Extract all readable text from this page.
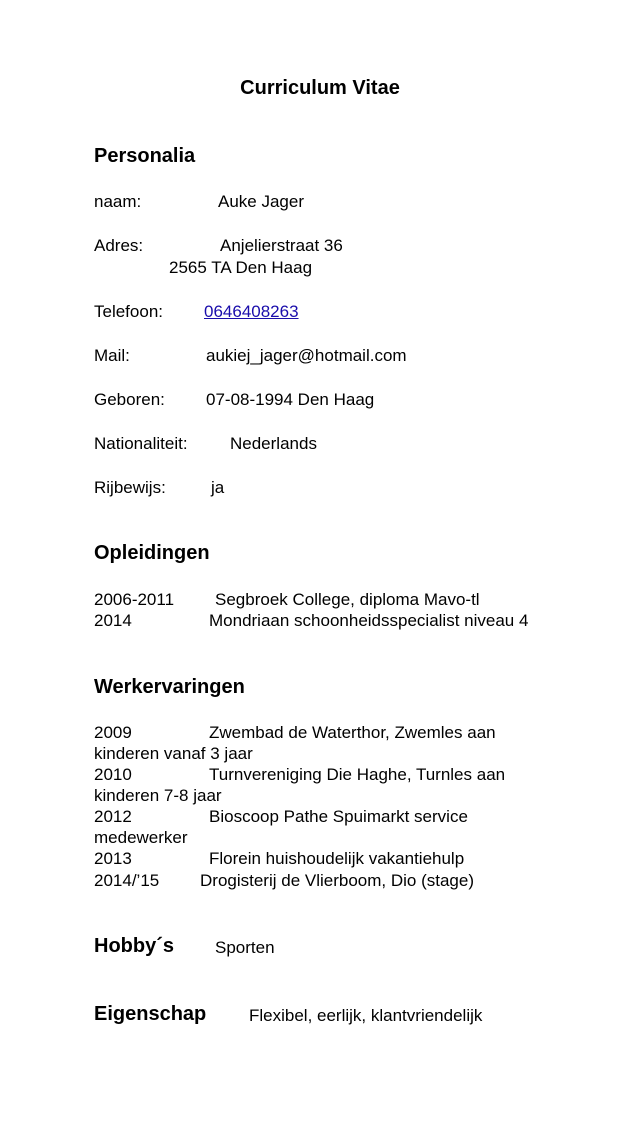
Curriculum Vitae
Personalia
naam:	Auke Jager
Adres:	Anjelierstraat 36
2565 TA Den Haag
Telefoon: 0646408263
Mail:	aukiej_jager@hotmail.com
Geboren: 07-08-1994 Den Haag
Nationaliteit: Nederlands
Rijbewijs:	ja
Opleidingen
2006-2011 Segbroek College, diploma Mavo-tl
2014	Mondriaan schoonheidsspecialist niveau 4
Werkervaringen
2009	Zwembad de Waterthor, Zwemles aan
kinderen vanaf 3 jaar
2010	Turnvereniging Die Haghe, Turnles aan
kinderen 7-8 jaar
2012	Bioscoop Pathe Spuimarkt service
medewerker
2013	Florein huishoudelijk vakantiehulp
2014/’15 Drogisterij de Vlierboom, Dio (stage)
Hobby´s Sporten
Eigenschap	Flexibel, eerlijk, klantvriendelijk
